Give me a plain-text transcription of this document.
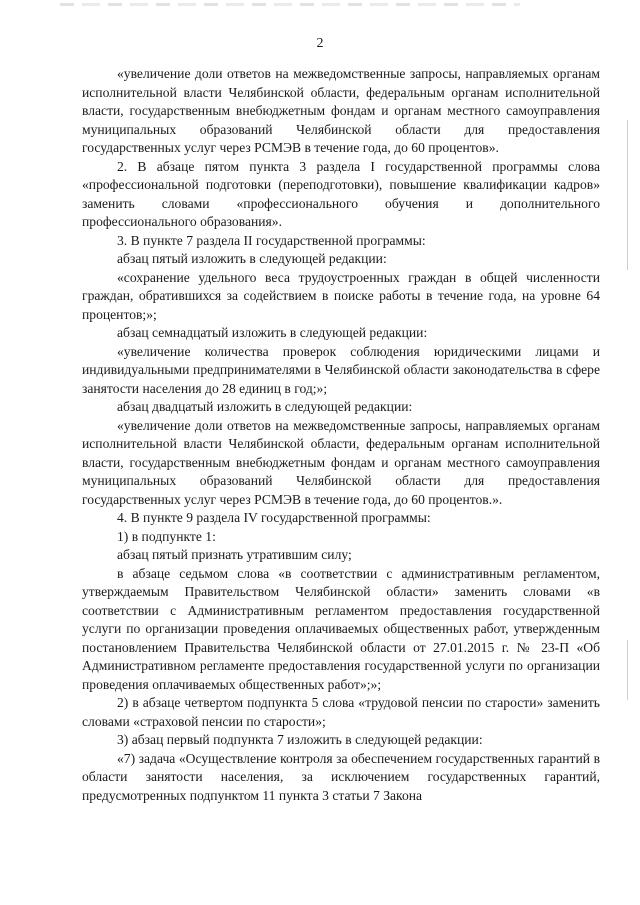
2

«увеличение доли ответов на межведомственные запросы, направляемых органам исполнительной власти Челябинской области, федеральным органам исполнительной власти, государственным внебюджетным фондам и органам местного самоуправления муниципальных образований Челябинской области для предоставления государственных услуг через РСМЭВ в течение года, до 60 процентов».

2. В абзаце пятом пункта 3 раздела I государственной программы слова «профессиональной подготовки (переподготовки), повышение квалификации кадров» заменить словами «профессионального обучения и дополнительного профессионального образования».

3. В пункте 7 раздела II государственной программы:

абзац пятый изложить в следующей редакции:

«сохранение удельного веса трудоустроенных граждан в общей численности граждан, обратившихся за содействием в поиске работы в течение года, на уровне 64 процентов;»;

абзац семнадцатый изложить в следующей редакции:

«увеличение количества проверок соблюдения юридическими лицами и индивидуальными предпринимателями в Челябинской области законодательства в сфере занятости населения до 28 единиц в год;»;

абзац двадцатый изложить в следующей редакции:

«увеличение доли ответов на межведомственные запросы, направляемых органам исполнительной власти Челябинской области, федеральным органам исполнительной власти, государственным внебюджетным фондам и органам местного самоуправления муниципальных образований Челябинской области для предоставления государственных услуг через РСМЭВ в течение года, до 60 процентов.».

4. В пункте 9 раздела IV государственной программы:

1) в подпункте 1:

абзац пятый признать утратившим силу;

в абзаце седьмом слова «в соответствии с административным регламентом, утверждаемым Правительством Челябинской области» заменить словами «в соответствии с Административным регламентом предоставления государственной услуги по организации проведения оплачиваемых общественных работ, утвержденным постановлением Правительства Челябинской области от 27.01.2015 г. № 23-П «Об Административном регламенте предоставления государственной услуги по организации проведения оплачиваемых общественных работ»;»;

2) в абзаце четвертом подпункта 5 слова «трудовой пенсии по старости» заменить словами «страховой пенсии по старости»;

3) абзац первый подпункта 7 изложить в следующей редакции:

«7) задача «Осуществление контроля за обеспечением государственных гарантий в области занятости населения, за исключением государственных гарантий, предусмотренных подпунктом 11 пункта 3 статьи 7 Закона
